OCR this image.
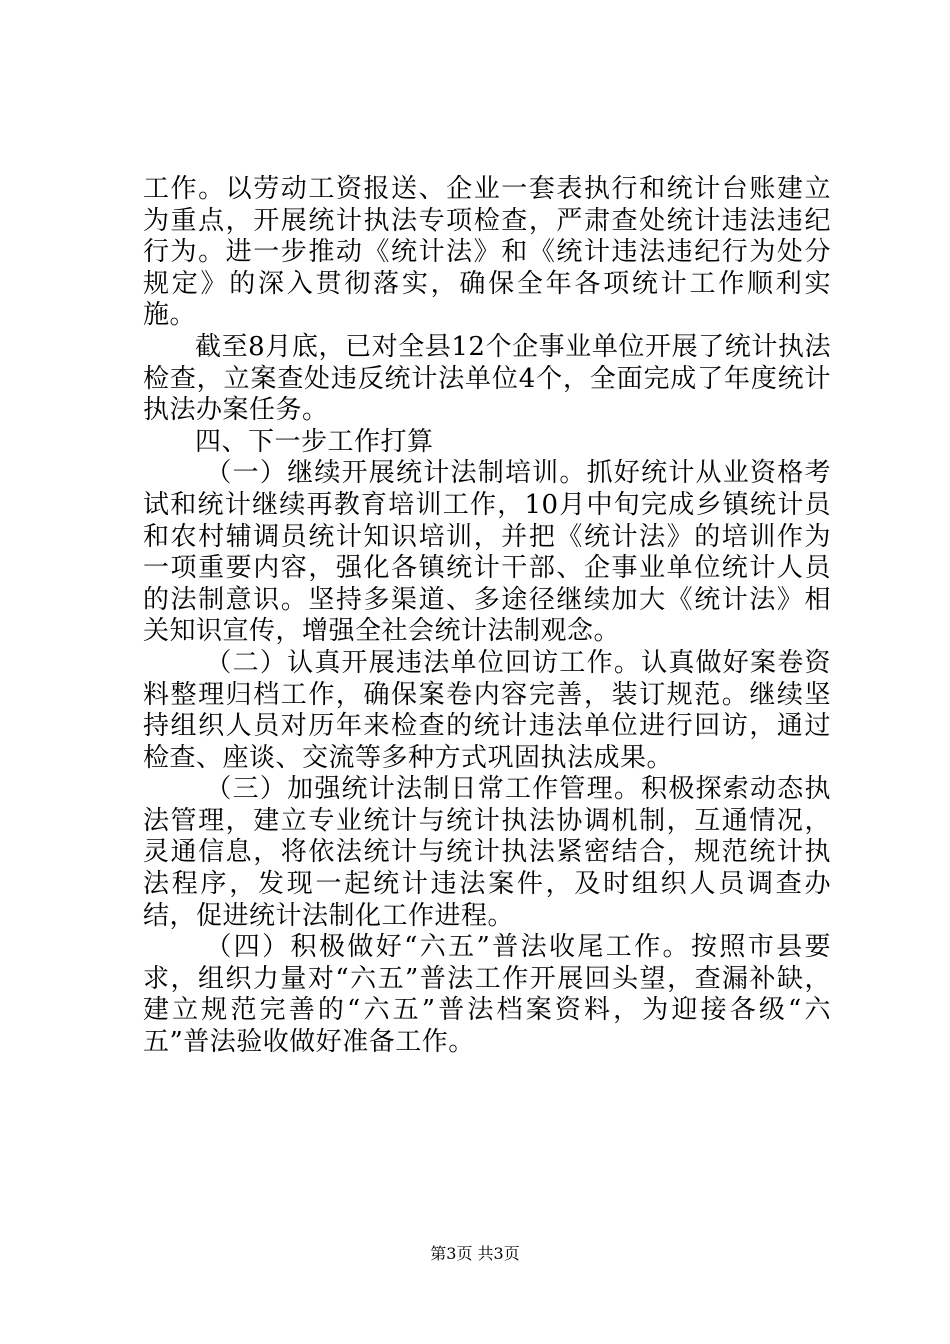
工作。以劳动工资报送、企业一套表执行和统计台账建立为重点，开展统计执法专项检查，严肃查处统计违法违纪行为。进一步推动《统计法》和《统计违法违纪行为处分规定》的深入贯彻落实，确保全年各项统计工作顺利实施。

截至8月底，已对全县12个企事业单位开展了统计执法检查，立案查处违反统计法单位4个，全面完成了年度统计执法办案任务。

四、下一步工作打算

（一）继续开展统计法制培训。抓好统计从业资格考试和统计继续再教育培训工作，10月中旬完成乡镇统计员和农村辅调员统计知识培训，并把《统计法》的培训作为一项重要内容，强化各镇统计干部、企事业单位统计人员的法制意识。坚持多渠道、多途径继续加大《统计法》相关知识宣传，增强全社会统计法制观念。

（二）认真开展违法单位回访工作。认真做好案卷资料整理归档工作，确保案卷内容完善，装订规范。继续坚持组织人员对历年来检查的统计违法单位进行回访，通过检查、座谈、交流等多种方式巩固执法成果。

（三）加强统计法制日常工作管理。积极探索动态执法管理，建立专业统计与统计执法协调机制，互通情况，灵通信息，将依法统计与统计执法紧密结合，规范统计执法程序，发现一起统计违法案件，及时组织人员调查办结，促进统计法制化工作进程。

（四）积极做好“六五”普法收尾工作。按照市县要求，组织力量对“六五”普法工作开展回头望，查漏补缺，建立规范完善的“六五”普法档案资料，为迎接各级“六五”普法验收做好准备工作。

第3页 共3页
